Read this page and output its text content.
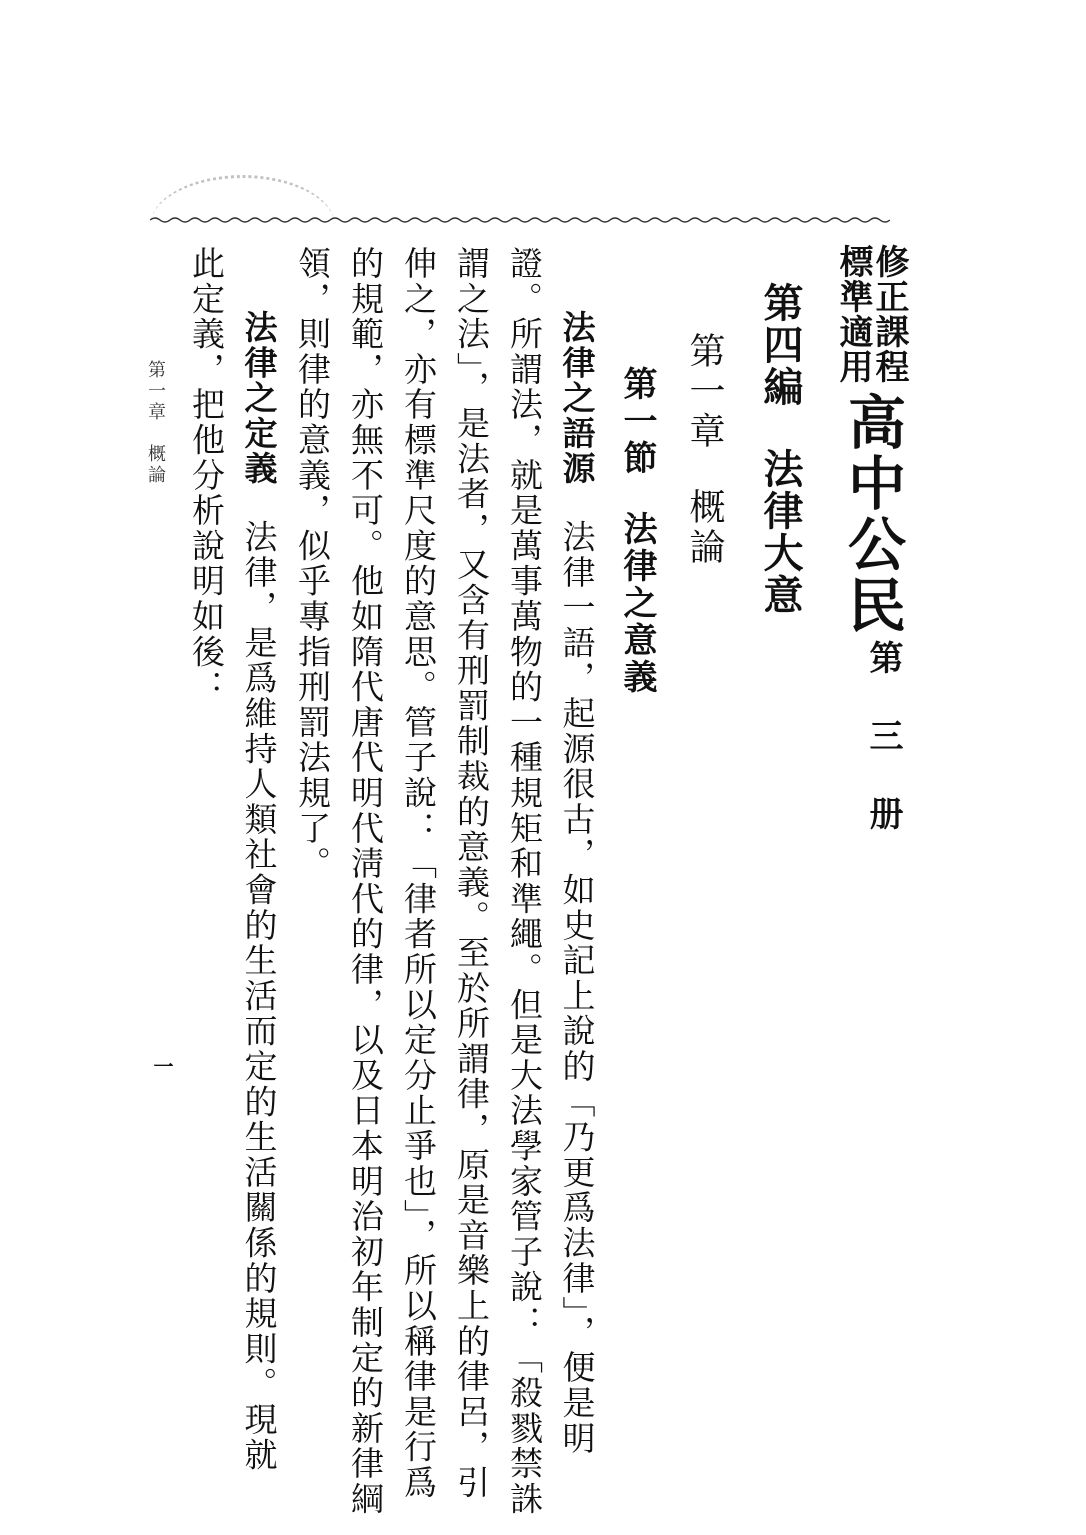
修正課程
標準適用
高中公民
第 三 册
第四編法律大意
第一章概論
第一節法律之意義
法律之語源法律一語，起源很古，如史記上說的「乃更爲法律」，便是明
證。所謂法，就是萬事萬物的一種規矩和準繩。但是大法學家管子說：「殺戮禁誅
謂之法」，是法者，又含有刑罰制裁的意義。至於所謂律，原是音樂上的律呂，引
伸之，亦有標準尺度的意思。管子說：「律者所以定分止爭也」，所以稱律是行爲
的規範，亦無不可。他如隋代唐代明代淸代的律，以及日本明治初年制定的新律綱
領，則律的意義，似乎專指刑罰法規了。
法律之定義法律，是爲維持人類社會的生活而定的生活關係的規則。現就
此定義，把他分析說明如後：
第一章　概論
一
